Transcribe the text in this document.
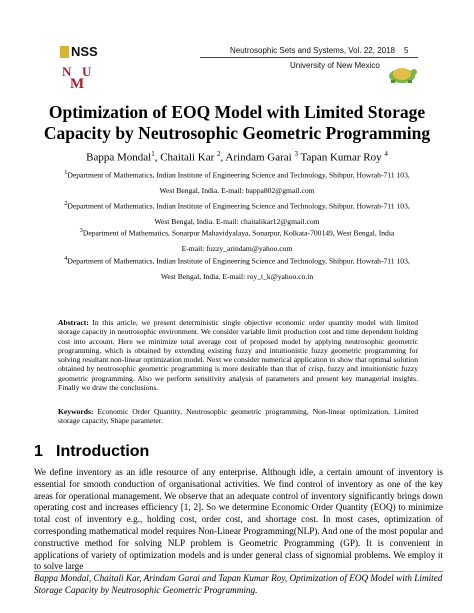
NSS
N
M
U
Neutrosophic Sets and Systems, Vol. 22, 2018 5
University of New Mexico
Optimization of EOQ Model with Limited Storage
Capacity by Neutrosophic Geometric Programming
Bappa Mondal$^1$, Chaitali Kar $^2$, Arindam Garai $^3$ Tapan Kumar Roy $^4$
$^1$Department of Mathematics, Indian Institute of Engineering Science and Technology, Shibpur, Howrah-711 103,
West Bengal, India. E-mail: bappa802@gmail.com
$^2$Department of Mathematics, Indian Institute of Engineering Science and Technology, Shibpur, Howrah-711 103,
West Bengal, India. E-mail: chaitalikar12@gmail.com
$^3$Department of Mathematics, Sonarpur Mahavidyalaya, Sonarpur, Kolkata-700149, West Bengal, India
E-mail: fuzzy_arindam@yahoo.com
$^4$Department of Mathematics, Indian Institute of Engineering Science and Technology, Shibpur, Howrah-711 103,
West Bengal, India. E-mail: roy_t_k@yahoo.co.in
Abstract: In this article, we present deterministic single objective economic order quantity model with limited storage capacity in neutrosophic environment. We consider variable limit production cost and time dependent holding cost into account. Here we minimize total average cost of proposed model by applying neutrosophic geometric programming, which is obtained by extending existing fuzzy and intuitionistic fuzzy geometric programming for solving resultant non-linear optimization model. Next we consider numerical application to show that optimal solution obtained by neutrosophic geometric programming is more desirable than that of crisp, fuzzy and intuitionistic fuzzy geometric programming. Also we perform sensitivity analysis of parameters and present key managerial insights. Finally we draw the conclusions.
Keywords: Economic Order Quantity, Neutrosophic geometric programming, Non-linear optimization, Limited storage capacity, Shape parameter.
1 Introduction
We define inventory as an idle resource of any enterprise. Although idle, a certain amount of inventory is essential for smooth conduction of organisational activities. We find control of inventory as one of the key areas for operational management. We observe that an adequate control of inventory significantly brings down operating cost and increases efficiency [1, 2]. So we determine Economic Order Quantity (EOQ) to minimize total cost of inventory e.g., holding cost, order cost, and shortage cost. In most cases, optimization of corresponding mathematical model requires Non-Linear Programming(NLP). And one of the most popular and constructive method for solving NLP problem is Geometric Programming (GP). It is convenient in applications of variety of optimization models and is under general class of signomial problems. We employ it to solve large
Bappa Mondal, Chaitali Kar, Arindam Garai and Tapan Kumar Roy, Optimization of EOQ Model with Limited Storage Capacity by Neutrosophic Geometric Programming.
